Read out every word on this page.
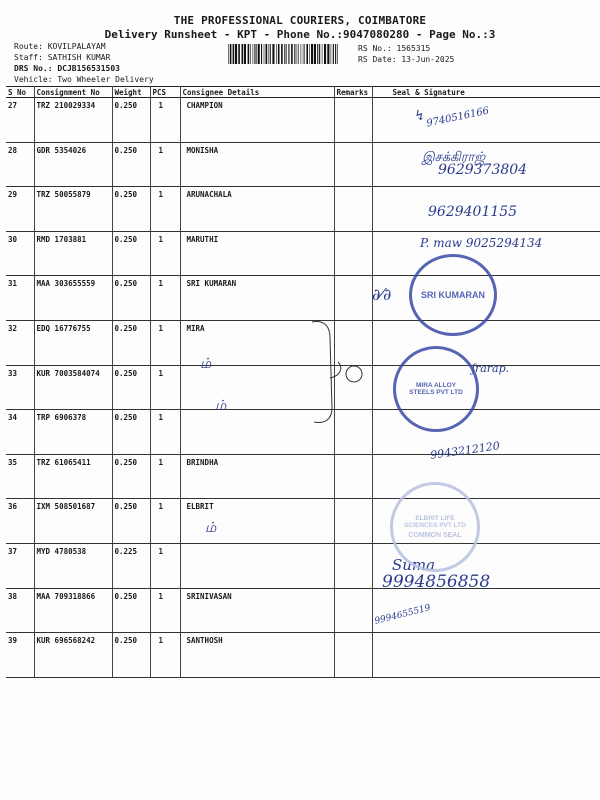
THE PROFESSIONAL COURIERS, COIMBATORE
Delivery Runsheet - KPT - Phone No.:9047080280 - Page No.:3
Route: KOVILPALAYAM
Staff: SATHISH KUMAR
DRS No.: DCJB156531503
Vehicle: Two Wheeler Delivery
RS No.: 1565315
RS Date: 13-Jun-2025
S No	Consignment No	Weight	PCS	Consignee Details	Remarks	Seal & Signature
27	TRZ 210029334	0.250	1	CHAMPION		
28	GDR 5354026	0.250	1	MONISHA		
29	TRZ 50055879	0.250	1	ARUNACHALA		
30	RMD 1703881	0.250	1	MARUTHI		
31	MAA 303655559	0.250	1	SRI KUMARAN		
32	EDQ 16776755	0.250	1	MIRA		
33	KUR 7003584074	0.250	1			
34	TRP 6906378	0.250	1			
35	TRZ 61065411	0.250	1	BRINDHA		
36	IXM 508501687	0.250	1	ELBRIT		
37	MYD 4780538	0.225	1			
38	MAA 709318866	0.250	1	SRINIVASAN		
39	KUR 696568242	0.250	1	SANTHOSH		
↯ 9740516166
இசக்கிராஜ்
9629373804
9629401155
P. maw 9025294134
∂⁄∂
ம்
ம்
ʃrarap.
9943212120
ம்
Suma
9994856858
9994655519
SRI KUMARAN
MIRA ALLOY STEELS PVT LTD
ELBRIT LIFE SCIENCES PVT LTD
COMMON SEAL
